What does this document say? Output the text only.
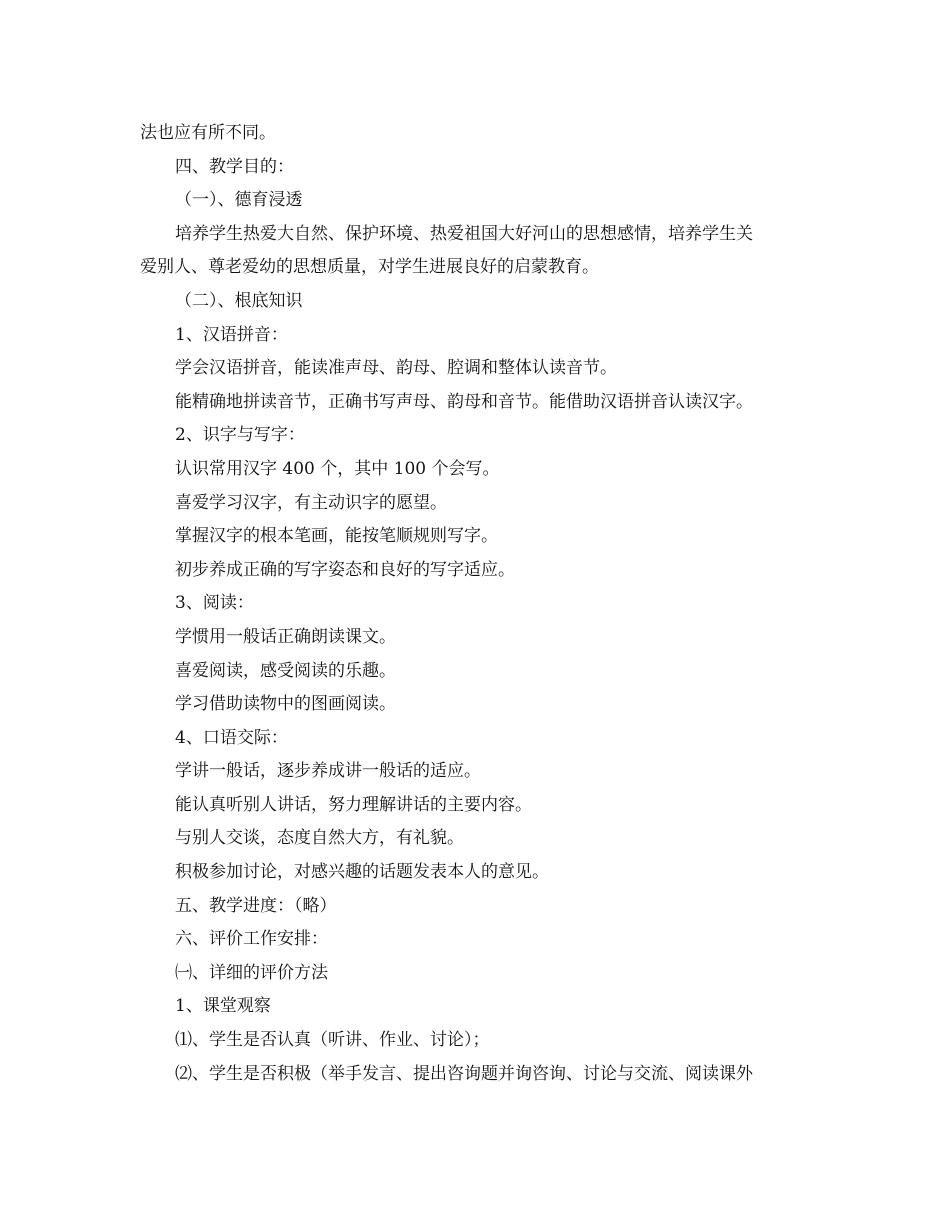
法也应有所不同。
四、教学目的：
（一）、德育浸透
培养学生热爱大自然、保护环境、热爱祖国大好河山的思想感情，培养学生关
爱别人、尊老爱幼的思想质量，对学生进展良好的启蒙教育。
（二）、根底知识
1、汉语拼音：
学会汉语拼音，能读准声母、韵母、腔调和整体认读音节。
能精确地拼读音节，正确书写声母、韵母和音节。能借助汉语拼音认读汉字。
2、识字与写字：
认识常用汉字 400 个，其中 100 个会写。
喜爱学习汉字，有主动识字的愿望。
掌握汉字的根本笔画，能按笔顺规则写字。
初步养成正确的写字姿态和良好的写字适应。
3、阅读：
学惯用一般话正确朗读课文。
喜爱阅读，感受阅读的乐趣。
学习借助读物中的图画阅读。
4、口语交际：
学讲一般话，逐步养成讲一般话的适应。
能认真听别人讲话，努力理解讲话的主要内容。
与别人交谈，态度自然大方，有礼貌。
积极参加讨论，对感兴趣的话题发表本人的意见。
五、教学进度：（略）
六、评价工作安排：
㈠、详细的评价方法
1、课堂观察
⑴、学生是否认真（听讲、作业、讨论）；
⑵、学生是否积极（举手发言、提出咨询题并询咨询、讨论与交流、阅读课外
